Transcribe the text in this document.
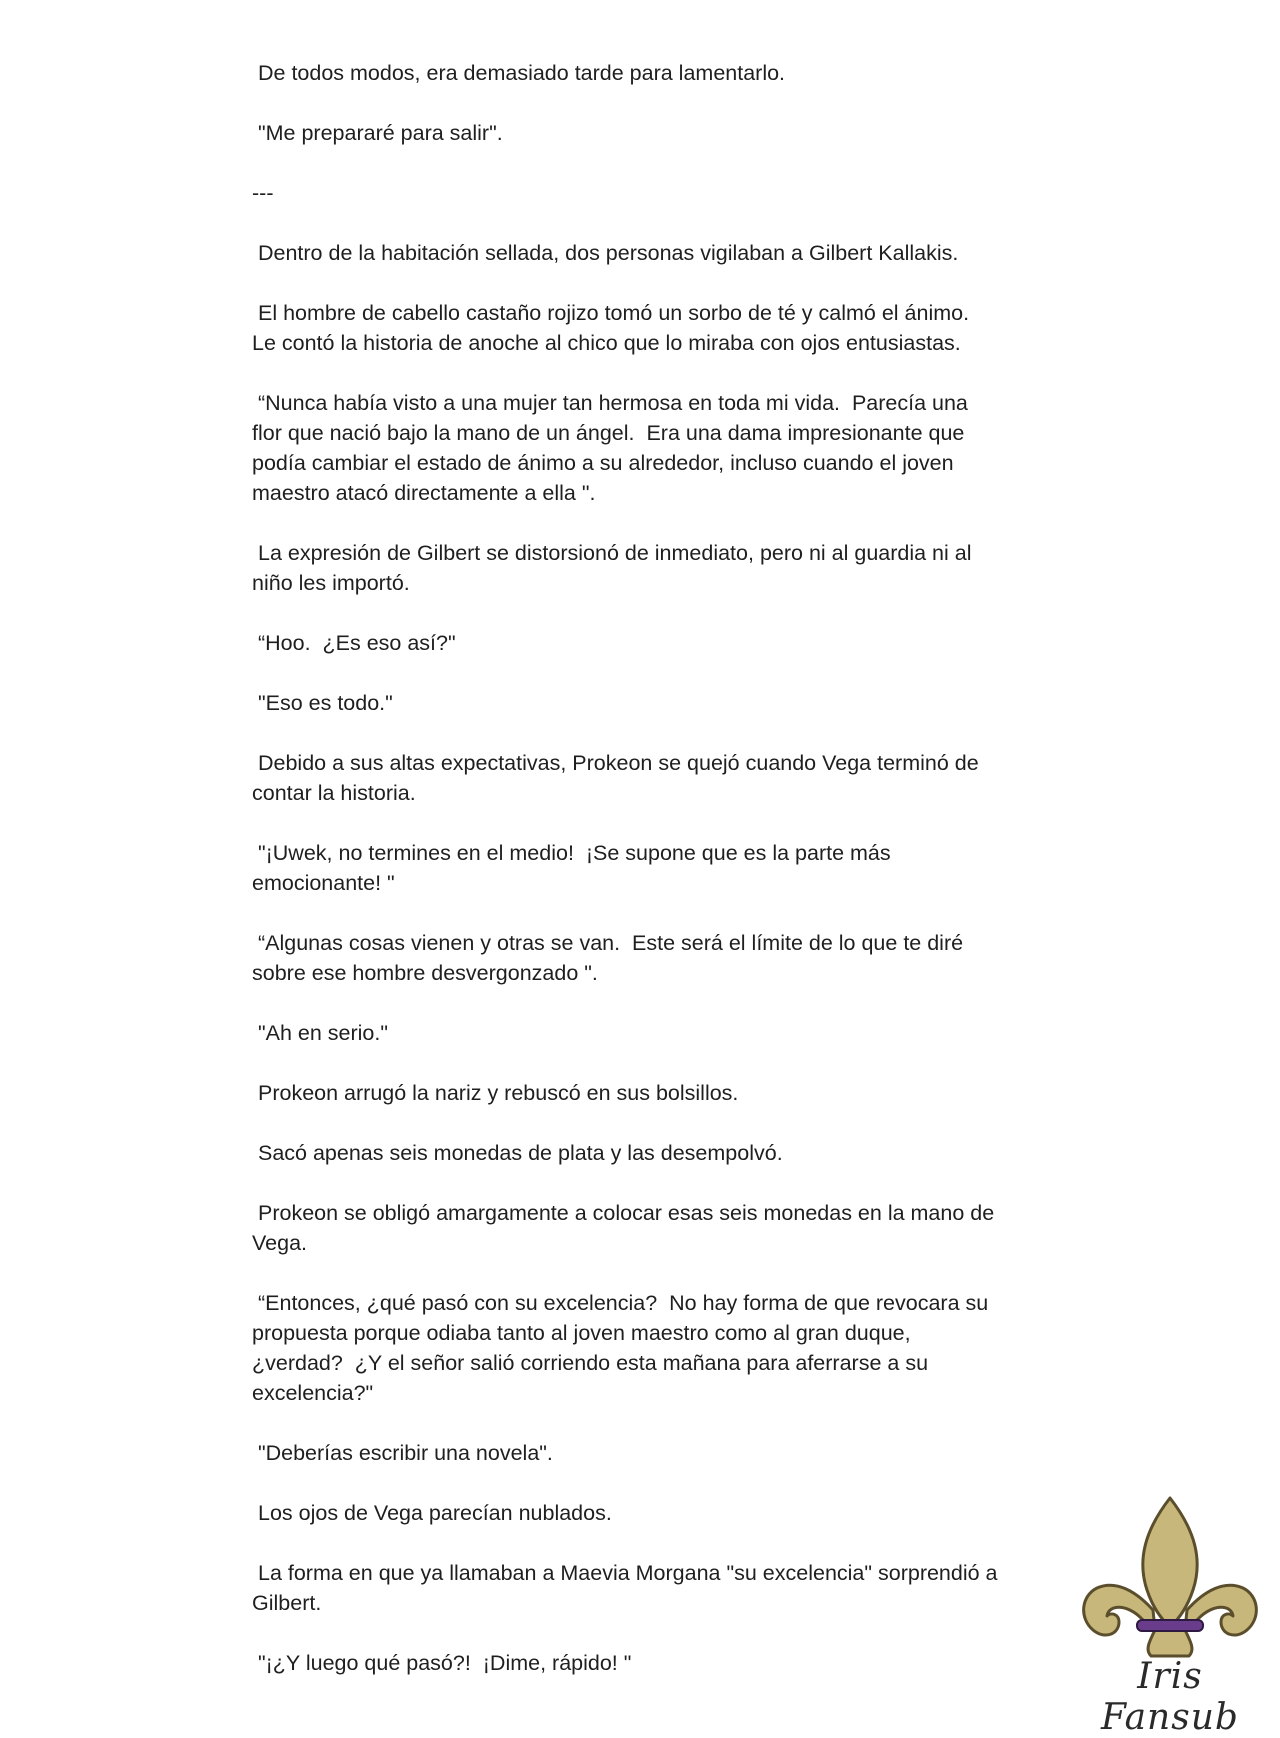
De todos modos, era demasiado tarde para lamentarlo.

"Me prepararé para salir".

---

Dentro de la habitación sellada, dos personas vigilaban a Gilbert Kallakis.

El hombre de cabello castaño rojizo tomó un sorbo de té y calmó el ánimo.
Le contó la historia de anoche al chico que lo miraba con ojos entusiastas.

“Nunca había visto a una mujer tan hermosa en toda mi vida.  Parecía una
flor que nació bajo la mano de un ángel.  Era una dama impresionante que
podía cambiar el estado de ánimo a su alrededor, incluso cuando el joven
maestro atacó directamente a ella ".

La expresión de Gilbert se distorsionó de inmediato, pero ni al guardia ni al
niño les importó.

“Hoo.  ¿Es eso así?"

"Eso es todo."

Debido a sus altas expectativas, Prokeon se quejó cuando Vega terminó de
contar la historia.

"¡Uwek, no termines en el medio!  ¡Se supone que es la parte más
emocionante! "

“Algunas cosas vienen y otras se van.  Este será el límite de lo que te diré
sobre ese hombre desvergonzado ".

"Ah en serio."

Prokeon arrugó la nariz y rebuscó en sus bolsillos.

Sacó apenas seis monedas de plata y las desempolvó.

Prokeon se obligó amargamente a colocar esas seis monedas en la mano de
Vega.

“Entonces, ¿qué pasó con su excelencia?  No hay forma de que revocara su
propuesta porque odiaba tanto al joven maestro como al gran duque,
¿verdad?  ¿Y el señor salió corriendo esta mañana para aferrarse a su
excelencia?"

"Deberías escribir una novela".

Los ojos de Vega parecían nublados.

La forma en que ya llamaban a Maevia Morgana "su excelencia" sorprendió a
Gilbert.

"¡¿Y luego qué pasó?!  ¡Dime, rápido! "	Iris Fansub
